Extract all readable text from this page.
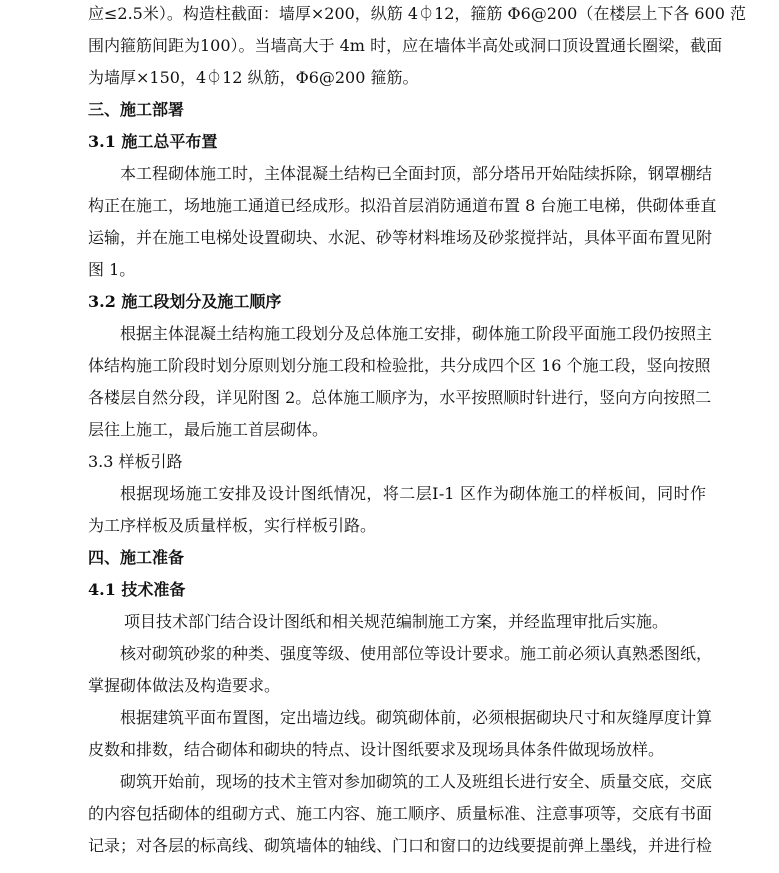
应≤2.5米）。构造柱截面：墙厚×200，纵筋 4⏀12，箍筋 Φ6@200（在楼层上下各 600 范
围内箍筋间距为100）。当墙高大于 4m 时，应在墙体半高处或洞口顶设置通长圈梁，截面
为墙厚×150，4⏀12 纵筋，Φ6@200 箍筋。
三、施工部署
3.1 施工总平布置
本工程砌体施工时，主体混凝土结构已全面封顶，部分塔吊开始陆续拆除，钢罩棚结
构正在施工，场地施工通道已经成形。拟沿首层消防通道布置 8 台施工电梯，供砌体垂直
运输，并在施工电梯处设置砌块、水泥、砂等材料堆场及砂浆搅拌站，具体平面布置见附
图 1。
3.2 施工段划分及施工顺序
根据主体混凝土结构施工段划分及总体施工安排，砌体施工阶段平面施工段仍按照主
体结构施工阶段时划分原则划分施工段和检验批，共分成四个区 16 个施工段，竖向按照
各楼层自然分段，详见附图 2。总体施工顺序为，水平按照顺时针进行，竖向方向按照二
层往上施工，最后施工首层砌体。
3.3 样板引路
根据现场施工安排及设计图纸情况，将二层Ⅰ-1 区作为砌体施工的样板间，同时作
为工序样板及质量样板，实行样板引路。
四、施工准备
4.1 技术准备
项目技术部门结合设计图纸和相关规范编制施工方案，并经监理审批后实施。
核对砌筑砂浆的种类、强度等级、使用部位等设计要求。施工前必须认真熟悉图纸，
掌握砌体做法及构造要求。
根据建筑平面布置图，定出墙边线。砌筑砌体前，必须根据砌块尺寸和灰缝厚度计算
皮数和排数，结合砌体和砌块的特点、设计图纸要求及现场具体条件做现场放样。
砌筑开始前，现场的技术主管对参加砌筑的工人及班组长进行安全、质量交底，交底
的内容包括砌体的组砌方式、施工内容、施工顺序、质量标准、注意事项等，交底有书面
记录；对各层的标高线、砌筑墙体的轴线、门口和窗口的边线要提前弹上墨线，并进行检
